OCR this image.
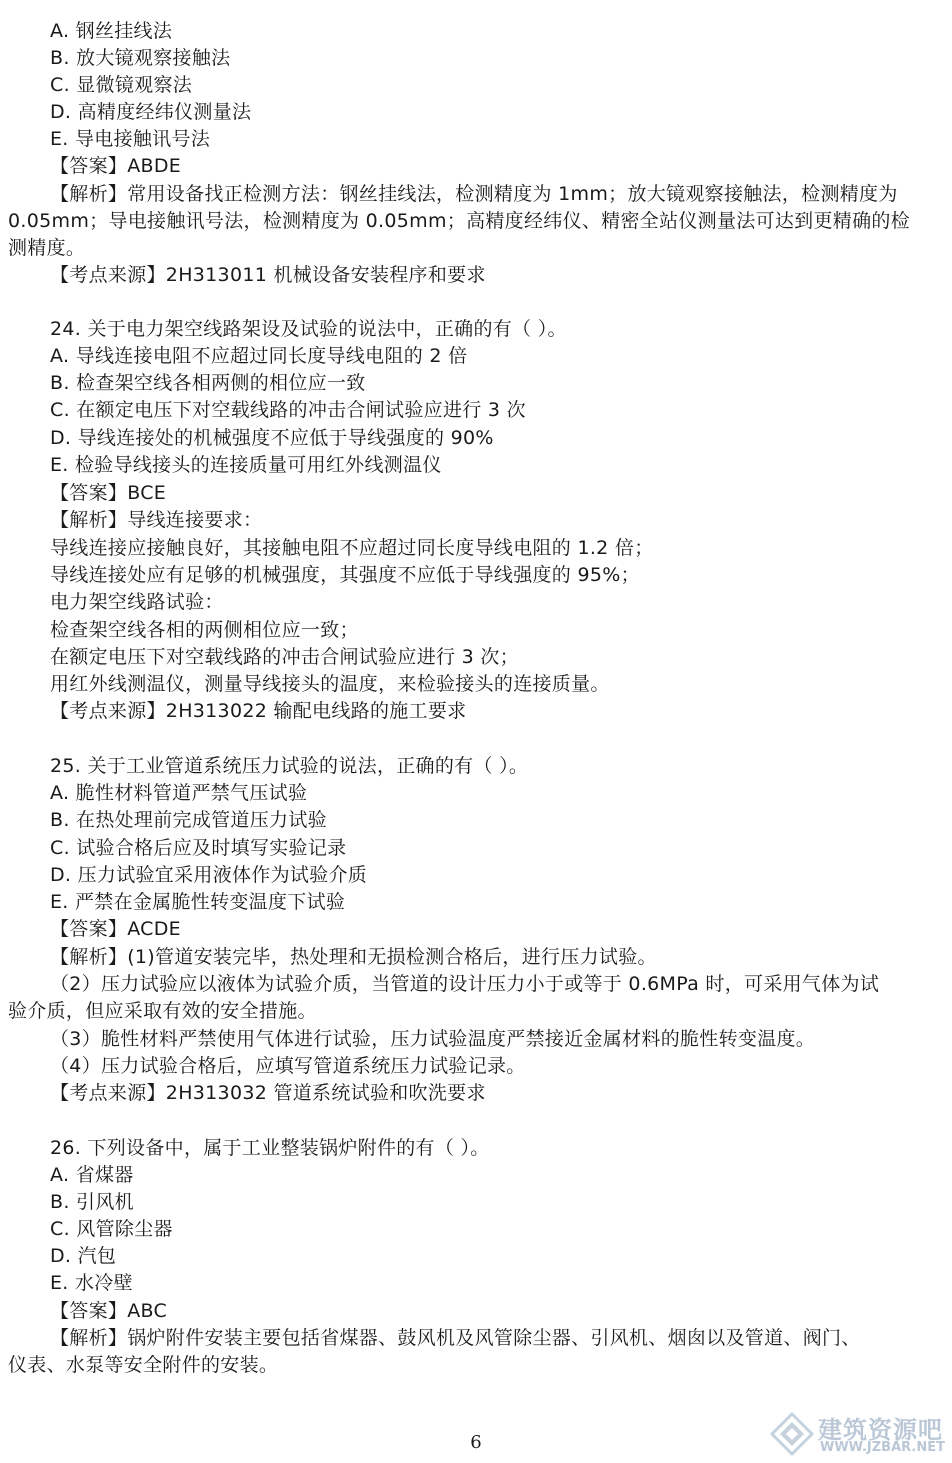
A. 钢丝挂线法
B. 放大镜观察接触法
C. 显微镜观察法
D. 高精度经纬仪测量法
E. 导电接触讯号法
【答案】ABDE
【解析】常用设备找正检测方法：钢丝挂线法，检测精度为 1mm；放大镜观察接触法，检测精度为
0.05mm；导电接触讯号法，检测精度为 0.05mm；高精度经纬仪、精密全站仪测量法可达到更精确的检
测精度。
【考点来源】2H313011 机械设备安装程序和要求
24. 关于电力架空线路架设及试验的说法中，正确的有（ ）。
A. 导线连接电阻不应超过同长度导线电阻的 2 倍
B. 检查架空线各相两侧的相位应一致
C. 在额定电压下对空载线路的冲击合闸试验应进行 3 次
D. 导线连接处的机械强度不应低于导线强度的 90%
E. 检验导线接头的连接质量可用红外线测温仪
【答案】BCE
【解析】导线连接要求：
导线连接应接触良好，其接触电阻不应超过同长度导线电阻的 1.2 倍；
导线连接处应有足够的机械强度，其强度不应低于导线强度的 95%；
电力架空线路试验：
检查架空线各相的两侧相位应一致；
在额定电压下对空载线路的冲击合闸试验应进行 3 次；
用红外线测温仪，测量导线接头的温度，来检验接头的连接质量。
【考点来源】2H313022 输配电线路的施工要求
25. 关于工业管道系统压力试验的说法，正确的有（ ）。
A. 脆性材料管道严禁气压试验
B. 在热处理前完成管道压力试验
C. 试验合格后应及时填写实验记录
D. 压力试验宜采用液体作为试验介质
E. 严禁在金属脆性转变温度下试验
【答案】ACDE
【解析】(1)管道安装完毕，热处理和无损检测合格后，进行压力试验。
（2）压力试验应以液体为试验介质，当管道的设计压力小于或等于 0.6MPa 时，可采用气体为试
验介质，但应采取有效的安全措施。
（3）脆性材料严禁使用气体进行试验，压力试验温度严禁接近金属材料的脆性转变温度。
（4）压力试验合格后，应填写管道系统压力试验记录。
【考点来源】2H313032 管道系统试验和吹洗要求
26. 下列设备中，属于工业整装锅炉附件的有（ ）。
A. 省煤器
B. 引风机
C. 风管除尘器
D. 汽包
E. 水冷壁
【答案】ABC
【解析】锅炉附件安装主要包括省煤器、鼓风机及风管除尘器、引风机、烟囱以及管道、阀门、
仪表、水泵等安全附件的安装。
6	建筑资源吧
WWW.JZBAR.NET
